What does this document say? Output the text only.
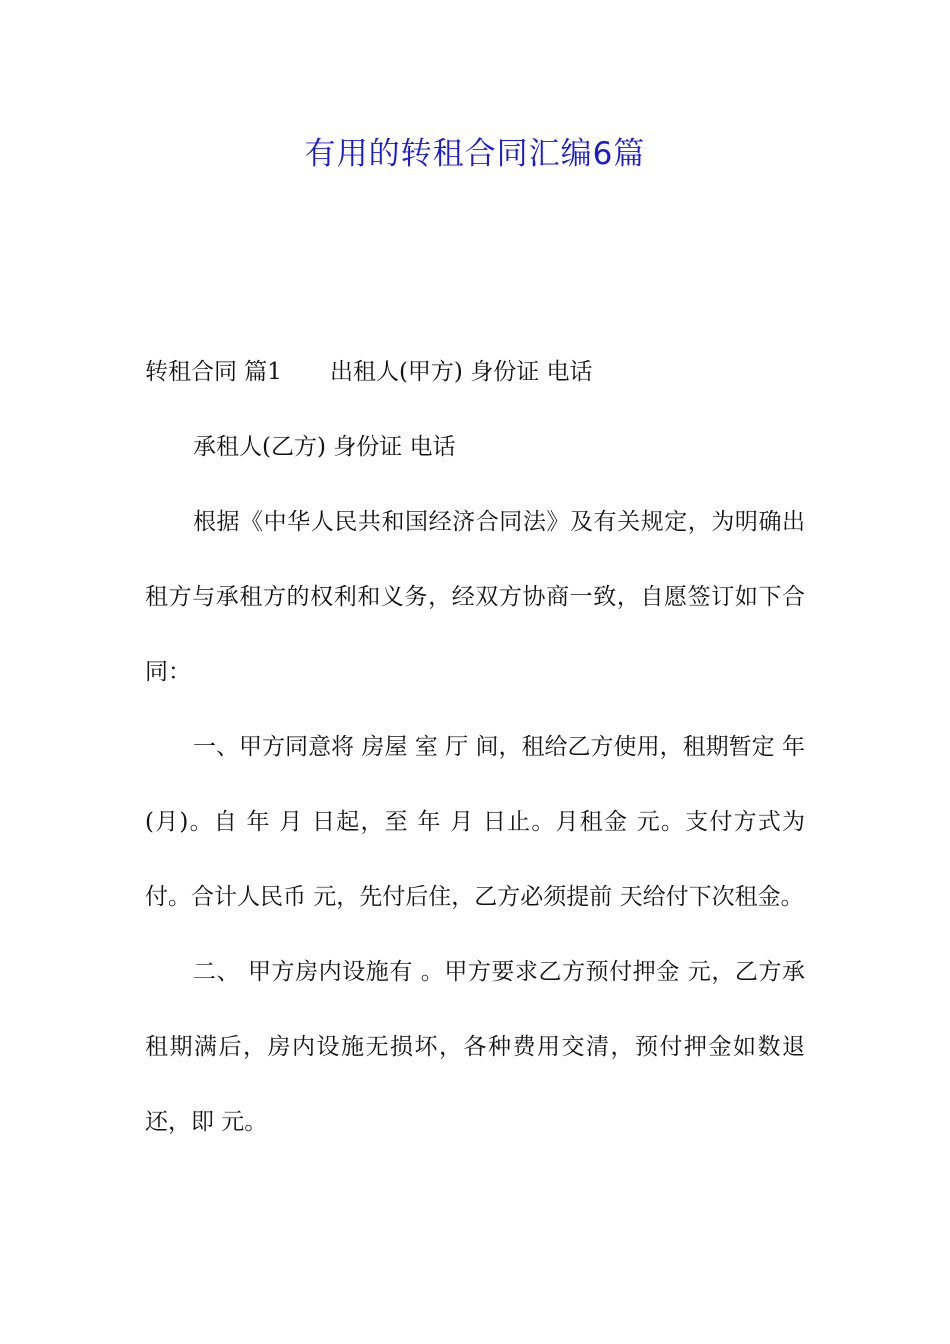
有用的转租合同汇编6篇

转租合同 篇1 出租人(甲方) 身份证 电话

承租人(乙方) 身份证 电话

根据《中华人民共和国经济合同法》及有关规定，为明确出租方与承租方的权利和义务，经双方协商一致，自愿签订如下合同：

一、甲方同意将 房屋 室 厅 间，租给乙方使用，租期暂定 年(月)。自 年 月 日起，至 年 月 日止。月租金 元。支付方式为 付。合计人民币 元，先付后住，乙方必须提前 天给付下次租金。

二、 甲方房内设施有 。甲方要求乙方预付押金 元，乙方承租期满后，房内设施无损坏，各种费用交清，预付押金如数退还，即 元。
